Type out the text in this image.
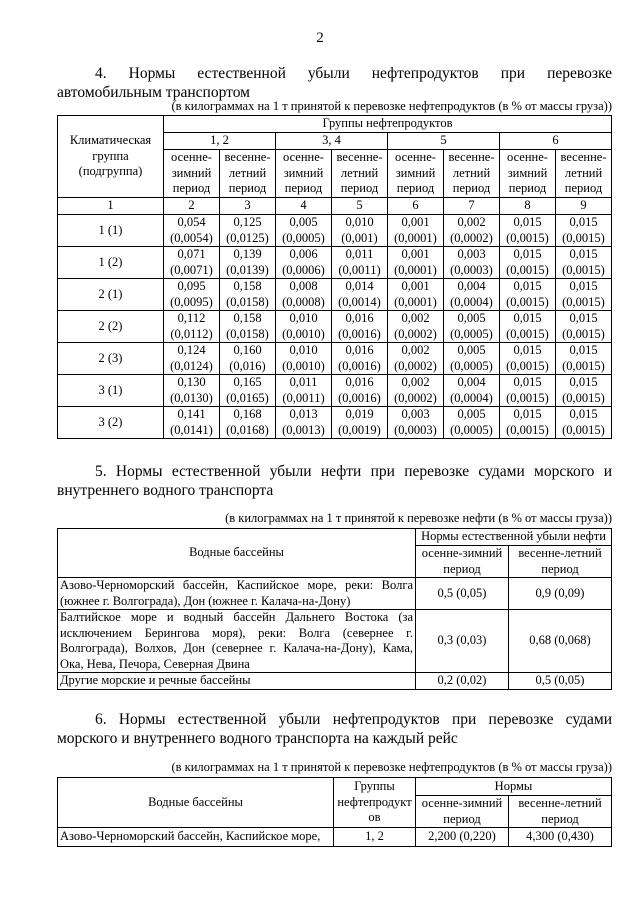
2
4. Нормы естественной убыли нефтепродуктов при перевозке автомобильным транспортом
(в килограммах на 1 т принятой к перевозке нефтепродуктов (в % от массы груза))
Климатическая группа (подгруппа)	Группы нефтепродуктов							
	1, 2		3, 4		5		6	
	осенне-зимний период	весенне-летний период	осенне-зимний период	весенне-летний период	осенне-зимний период	весенне-летний период	осенне-зимний период	весенне-летний период
1	2	3	4	5	6	7	8	9
1 (1)	0,054 (0,0054)	0,125 (0,0125)	0,005 (0,0005)	0,010 (0,001)	0,001 (0,0001)	0,002 (0,0002)	0,015 (0,0015)	0,015 (0,0015)
1 (2)	0,071 (0,0071)	0,139 (0,0139)	0,006 (0,0006)	0,011 (0,0011)	0,001 (0,0001)	0,003 (0,0003)	0,015 (0,0015)	0,015 (0,0015)
2 (1)	0,095 (0,0095)	0,158 (0,0158)	0,008 (0,0008)	0,014 (0,0014)	0,001 (0,0001)	0,004 (0,0004)	0,015 (0,0015)	0,015 (0,0015)
2 (2)	0,112 (0,0112)	0,158 (0,0158)	0,010 (0,0010)	0,016 (0,0016)	0,002 (0,0002)	0,005 (0,0005)	0,015 (0,0015)	0,015 (0,0015)
2 (3)	0,124 (0,0124)	0,160 (0,016)	0,010 (0,0010)	0,016 (0,0016)	0,002 (0,0002)	0,005 (0,0005)	0,015 (0,0015)	0,015 (0,0015)
3 (1)	0,130 (0,0130)	0,165 (0,0165)	0,011 (0,0011)	0,016 (0,0016)	0,002 (0,0002)	0,004 (0,0004)	0,015 (0,0015)	0,015 (0,0015)
3 (2)	0,141 (0,0141)	0,168 (0,0168)	0,013 (0,0013)	0,019 (0,0019)	0,003 (0,0003)	0,005 (0,0005)	0,015 (0,0015)	0,015 (0,0015)
5. Нормы естественной убыли нефти при перевозке судами морского и внутреннего водного транспорта
(в килограммах на 1 т принятой к перевозке нефти (в % от массы груза))
Водные бассейны	Нормы естественной убыли нефти	
	осенне-зимний период	весенне-летний период
Азово-Черноморский бассейн, Каспийское море, реки: Волга (южнее г. Волгограда), Дон (южнее г. Калача-на-Дону)	0,5 (0,05)	0,9 (0,09)
Балтийское море и водный бассейн Дальнего Востока (за исключением Берингова моря), реки: Волга (севернее г. Волгограда), Волхов, Дон (севернее г. Калача-на-Дону), Кама, Ока, Нева, Печора, Северная Двина	0,3 (0,03)	0,68 (0,068)
Другие морские и речные бассейны	0,2 (0,02)	0,5 (0,05)
6. Нормы естественной убыли нефтепродуктов при перевозке судами морского и внутреннего водного транспорта на каждый рейс
(в килограммах на 1 т принятой к перевозке нефтепродуктов (в % от массы груза))
Водные бассейны	Группы нефтепродукт ов	Нормы	
		осенне-зимний период	весенне-летний период
Азово-Черноморский бассейн, Каспийское море,	1, 2	2,200 (0,220)	4,300 (0,430)
